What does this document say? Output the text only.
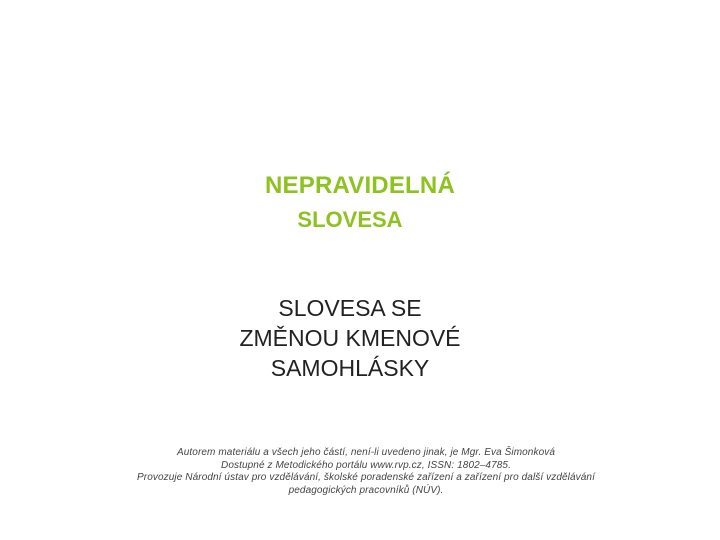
NEPRAVIDELNÁ
SLOVESA
SLOVESA SE
ZMĚNOU KMENOVÉ
SAMOHLÁSKY
Autorem materiálu a všech jeho částí, není-li uvedeno jinak, je Mgr. Eva Šimonková
Dostupné z Metodického portálu www.rvp.cz, ISSN: 1802–4785.
Provozuje Národní ústav pro vzdělávání, školské poradenské zařízení a zařízení pro další vzdělávání
pedagogických pracovníků (NÚV).
